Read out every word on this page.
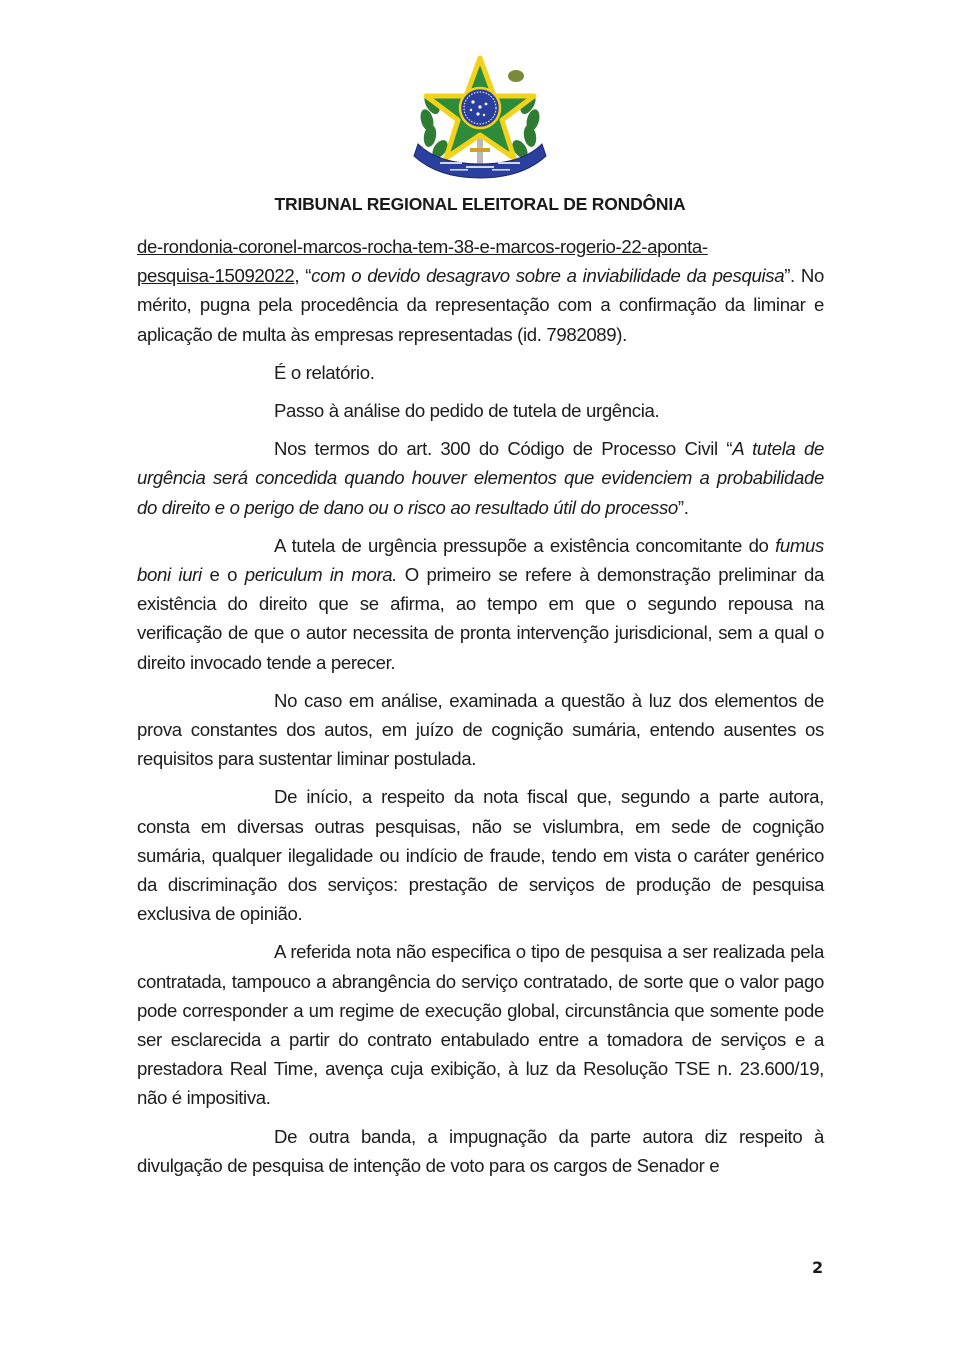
TRIBUNAL REGIONAL ELEITORAL DE RONDÔNIA

de-rondonia-coronel-marcos-rocha-tem-38-e-marcos-rogerio-22-aponta-
pesquisa-15092022, “com o devido desagravo sobre a inviabilidade da pesquisa”. No mérito, pugna pela procedência da representação com a confirmação da liminar e aplicação de multa às empresas representadas (id. 7982089).

É o relatório.

Passo à análise do pedido de tutela de urgência.

Nos termos do art. 300 do Código de Processo Civil “A tutela de urgência será concedida quando houver elementos que evidenciem a probabilidade do direito e o perigo de dano ou o risco ao resultado útil do processo”.

A tutela de urgência pressupõe a existência concomitante do fumus boni iuri e o periculum in mora. O primeiro se refere à demonstração preliminar da existência do direito que se afirma, ao tempo em que o segundo repousa na verificação de que o autor necessita de pronta intervenção jurisdicional, sem a qual o direito invocado tende a perecer.

No caso em análise, examinada a questão à luz dos elementos de prova constantes dos autos, em juízo de cognição sumária, entendo ausentes os requisitos para sustentar liminar postulada.

De início, a respeito da nota fiscal que, segundo a parte autora, consta em diversas outras pesquisas, não se vislumbra, em sede de cognição sumária, qualquer ilegalidade ou indício de fraude, tendo em vista o caráter genérico da discriminação dos serviços: prestação de serviços de produção de pesquisa exclusiva de opinião.

A referida nota não especifica o tipo de pesquisa a ser realizada pela contratada, tampouco a abrangência do serviço contratado, de sorte que o valor pago pode corresponder a um regime de execução global, circunstância que somente pode ser esclarecida a partir do contrato entabulado entre a tomadora de serviços e a prestadora Real Time, avença cuja exibição, à luz da Resolução TSE n. 23.600/19, não é impositiva.

De outra banda, a impugnação da parte autora diz respeito à divulgação de pesquisa de intenção de voto para os cargos de Senador e

2
